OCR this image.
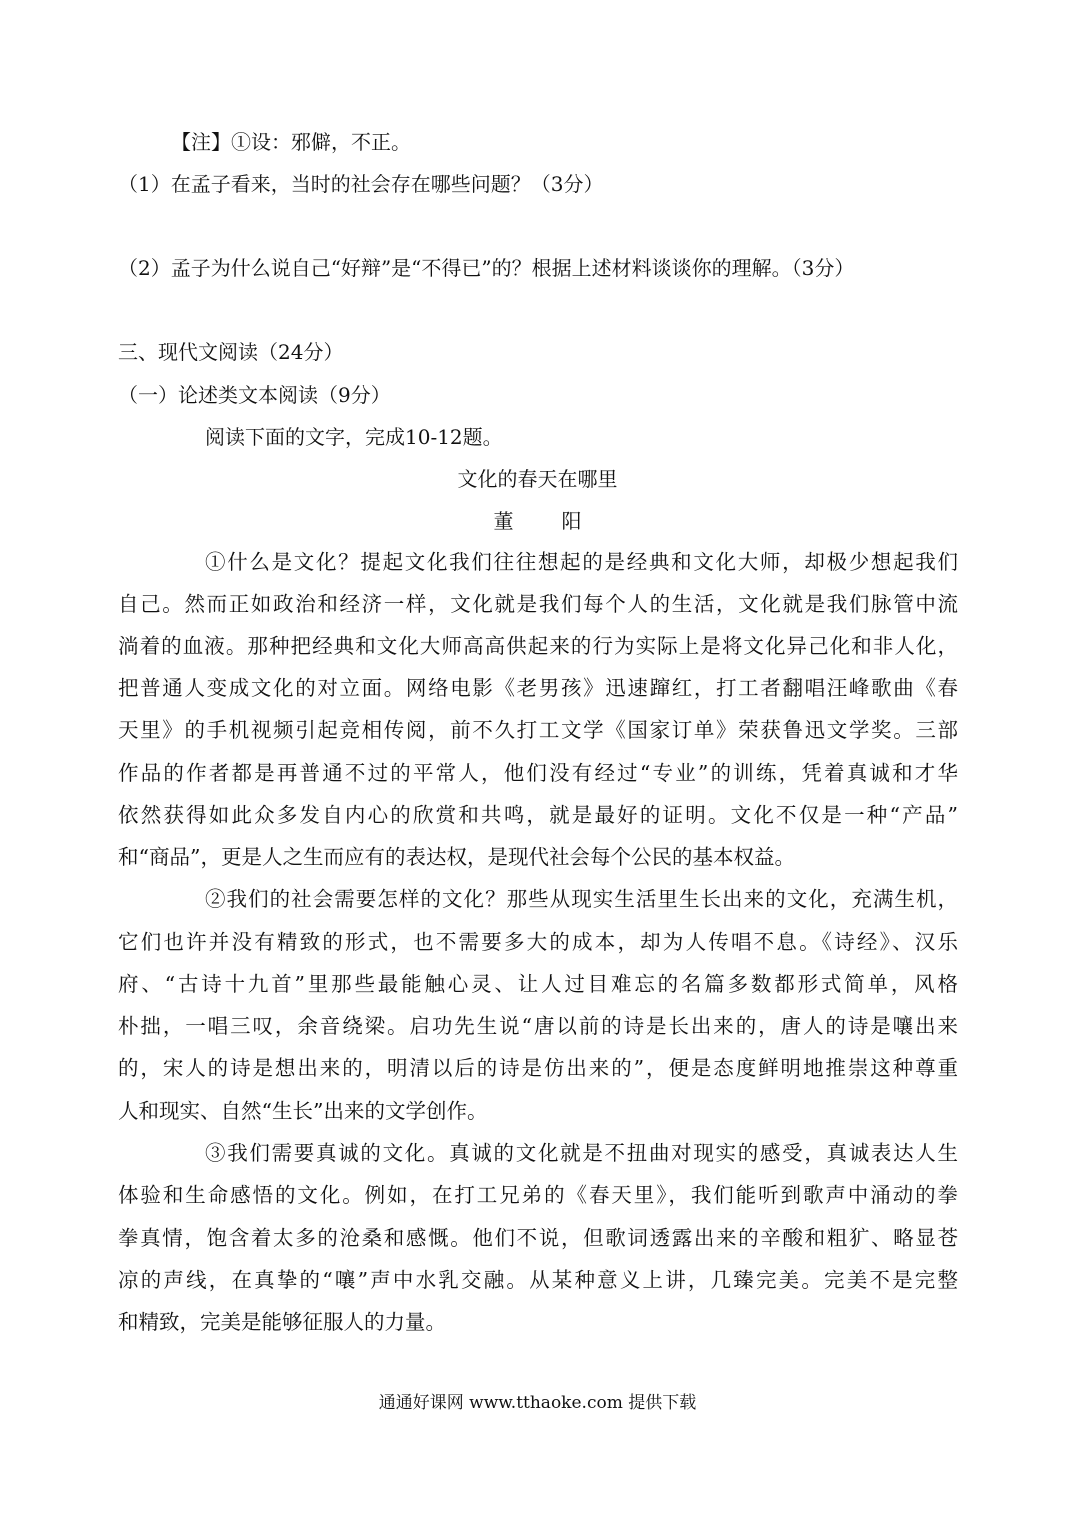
【注】①设：邪僻，不正。
（1）在孟子看来，当时的社会存在哪些问题？（3分）
（2）孟子为什么说自己“好辩”是“不得已”的？根据上述材料谈谈你的理解。（3分）
三、现代文阅读（24分）
（一）论述类文本阅读（9分）
阅读下面的文字，完成10-12题。
文化的春天在哪里
董阳
①什么是文化？提起文化我们往往想起的是经典和文化大师，却极少想起我们
自己。然而正如政治和经济一样，文化就是我们每个人的生活，文化就是我们脉管中流
淌着的血液。那种把经典和文化大师高高供起来的行为实际上是将文化异己化和非人化，
把普通人变成文化的对立面。网络电影《老男孩》迅速蹿红，打工者翻唱汪峰歌曲《春
天里》的手机视频引起竞相传阅，前不久打工文学《国家订单》荣获鲁迅文学奖。三部
作品的作者都是再普通不过的平常人，他们没有经过“专业”的训练，凭着真诚和才华
依然获得如此众多发自内心的欣赏和共鸣，就是最好的证明。文化不仅是一种“产品”
和“商品”，更是人之生而应有的表达权，是现代社会每个公民的基本权益。
②我们的社会需要怎样的文化？那些从现实生活里生长出来的文化，充满生机，
它们也许并没有精致的形式，也不需要多大的成本，却为人传唱不息。《诗经》、汉乐
府、“古诗十九首”里那些最能触心灵、让人过目难忘的名篇多数都形式简单，风格
朴拙，一唱三叹，余音绕梁。启功先生说“唐以前的诗是长出来的，唐人的诗是嚷出来
的，宋人的诗是想出来的，明清以后的诗是仿出来的”，便是态度鲜明地推崇这种尊重
人和现实、自然“生长”出来的文学创作。
③我们需要真诚的文化。真诚的文化就是不扭曲对现实的感受，真诚表达人生
体验和生命感悟的文化。例如，在打工兄弟的《春天里》，我们能听到歌声中涌动的拳
拳真情，饱含着太多的沧桑和感慨。他们不说，但歌词透露出来的辛酸和粗犷、略显苍
凉的声线，在真挚的“嚷”声中水乳交融。从某种意义上讲，几臻完美。完美不是完整
和精致，完美是能够征服人的力量。
通通好课网 www.tthaoke.com 提供下载
